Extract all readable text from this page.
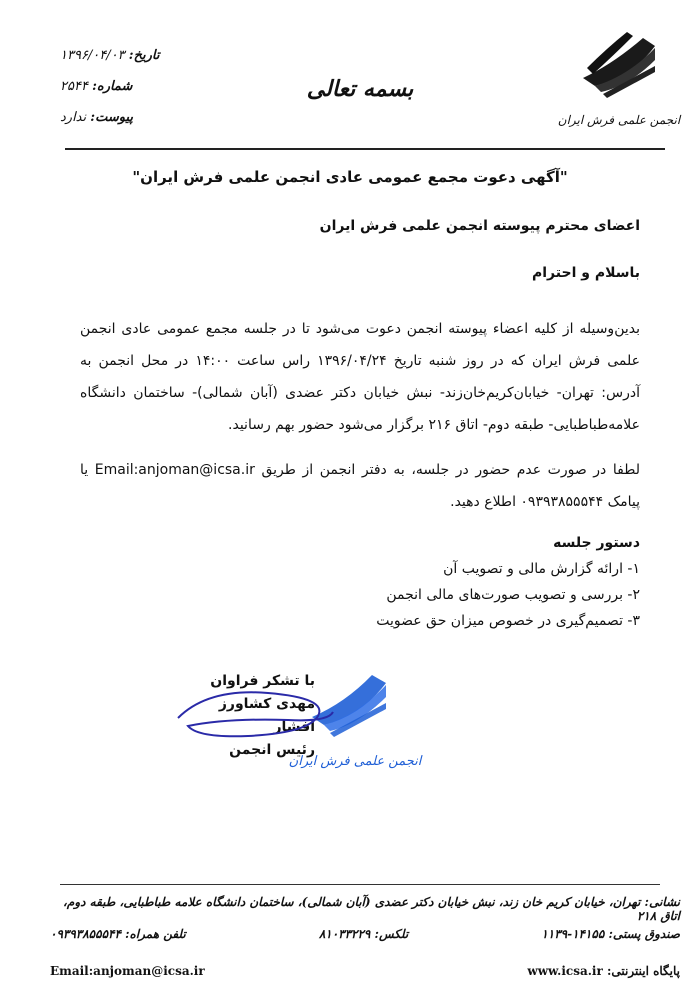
انجمن علمی فرش ایران
تاریخ: ۱۳۹۶/۰۴/۰۳
شماره: ۲۵۴۴
پیوست: ندارد
بسمه تعالی
"آگهی دعوت مجمع عمومی عادی انجمن علمی فرش ایران"
اعضای محترم پیوسته انجمن علمی فرش ایران
باسلام و احترام
بدین‌وسیله از کلیه اعضاء پیوسته انجمن دعوت می‌شود تا در جلسه مجمع عمومی عادی انجمن علمی فرش ایران که در روز شنبه تاریخ ۱۳۹۶/۰۴/۲۴ راس ساعت ۱۴:۰۰ در محل انجمن به آدرس: تهران- خیابان‌کریم‌خان‌زند- نبش خیابان دکتر عضدی (آبان شمالی)- ساختمان دانشگاه علامه‌طباطبایی- طبقه دوم- اتاق ۲۱۶ برگزار می‌شود حضور بهم رسانید.
لطفا در صورت عدم حضور در جلسه، به دفتر انجمن از طریق Email:anjoman@icsa.ir یا پیامک ۰۹۳۹۳۸۵۵۵۴۴ اطلاع دهید.
دستور جلسه
۱- ارائه گزارش مالی و تصویب آن
۲- بررسی و تصویب صورت‌های مالی انجمن
۳- تصمیم‌گیری در خصوص میزان حق عضویت
انجمن علمی فرش ایران
با تشکر فراوان
مهدی کشاورز افشار
رئیس انجمن
نشانی: تهران، خیابان کریم خان زند، نبش خیابان دکتر عضدی (آبان شمالی)، ساختمان دانشگاه علامه طباطبایی، طبقه دوم، اتاق ۲۱۸
صندوق پستی: ۱۴۱۵۵-۱۱۳۹
تلکس: ۸۱۰۳۳۲۲۹
تلفن همراه: ۰۹۳۹۳۸۵۵۵۴۴
پایگاه اینترنتی: www.icsa.ir
Email:anjoman@icsa.ir
